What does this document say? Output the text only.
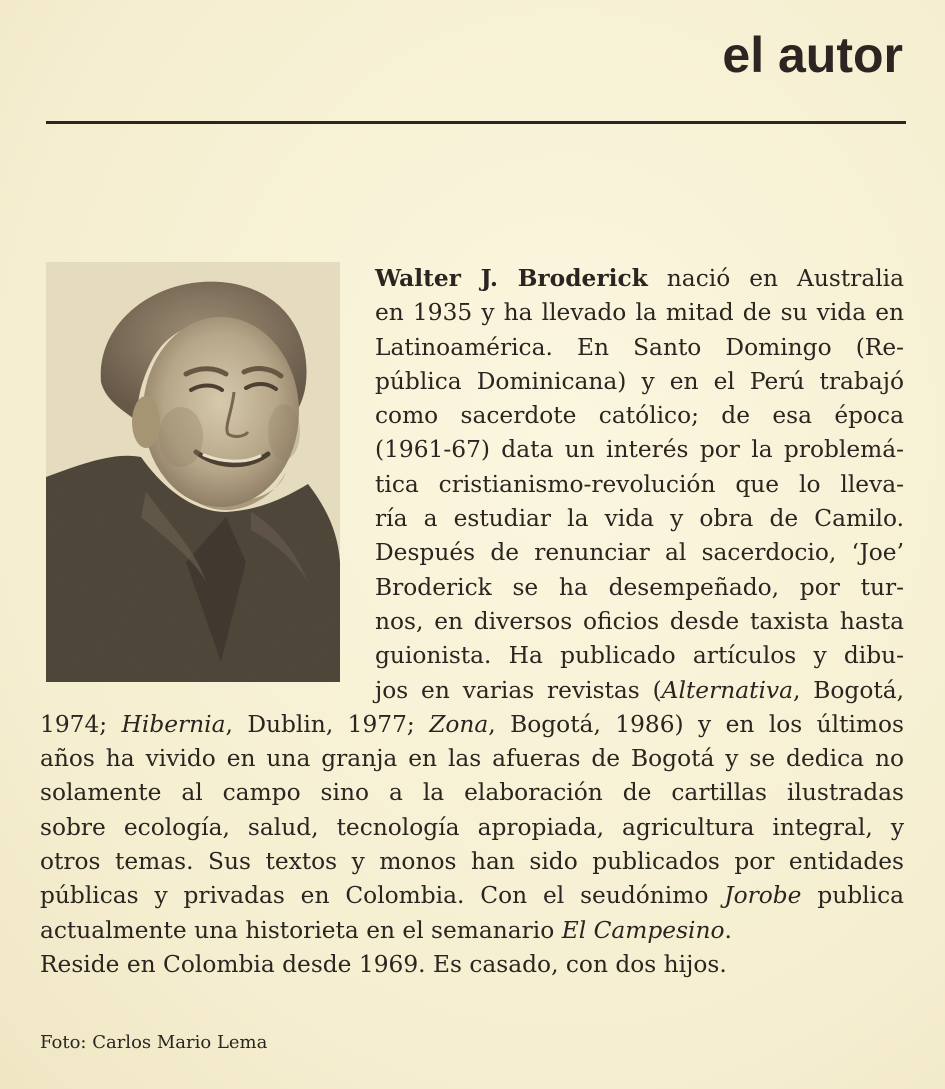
el autor

Walter J. Broderick nació en Australia
en 1935 y ha llevado la mitad de su vida en
Latinoamérica. En Santo Domingo (Re-
pública Dominicana) y en el Perú trabajó
como sacerdote católico; de esa época
(1961-67) data un interés por la problemá-
tica cristianismo-revolución que lo lleva-
ría a estudiar la vida y obra de Camilo.
Después de renunciar al sacerdocio, ‘Joe’
Broderick se ha desempeñado, por tur-
nos, en diversos oficios desde taxista hasta
guionista. Ha publicado artículos y dibu-
jos en varias revistas (Alternativa, Bogotá,
1974; Hibernia, Dublin, 1977; Zona, Bogotá, 1986) y en los últimos
años ha vivido en una granja en las afueras de Bogotá y se dedica no
solamente al campo sino a la elaboración de cartillas ilustradas
sobre ecología, salud, tecnología apropiada, agricultura integral, y
otros temas. Sus textos y monos han sido publicados por entidades
públicas y privadas en Colombia. Con el seudónimo Jorobe publica
actualmente una historieta en el semanario El Campesino.
Reside en Colombia desde 1969. Es casado, con dos hijos.

Foto: Carlos Mario Lema
